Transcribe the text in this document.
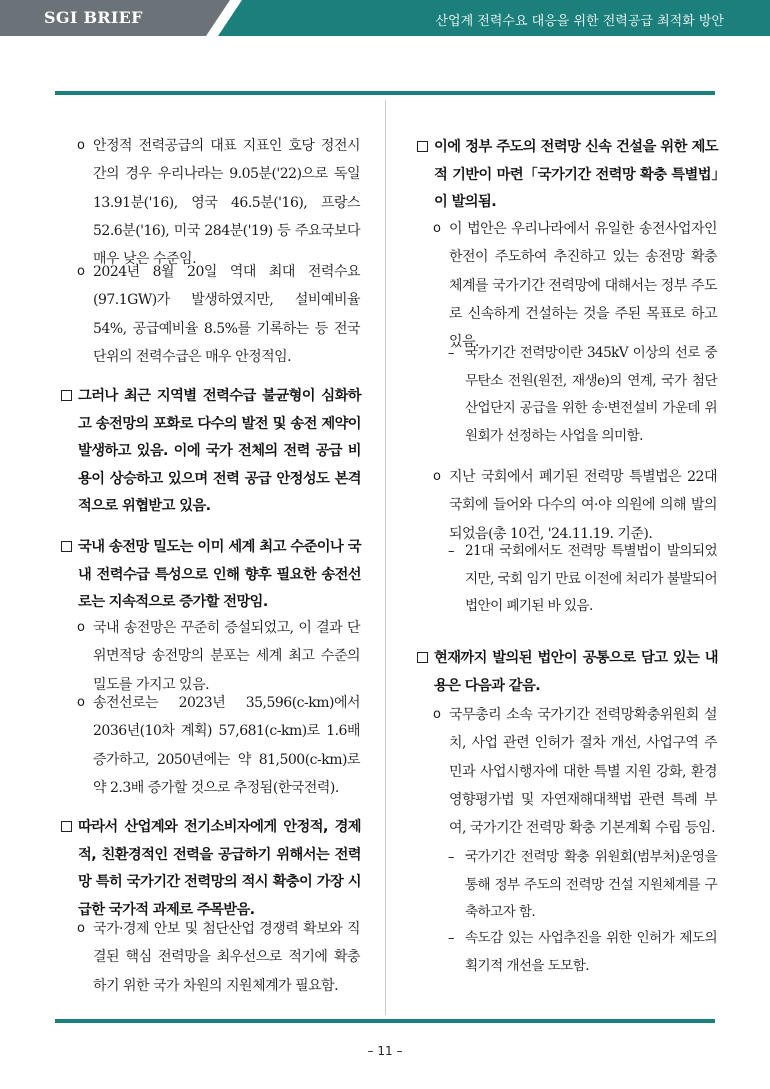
SGI BRIEF	산업계 전력수요 대응을 위한 전력공급 최적화 방안
o 안정적 전력공급의 대표 지표인 호당 정전시간의 경우 우리나라는 9.05분('22)으로 독일 13.91분('16), 영국 46.5분('16), 프랑스 52.6분('16), 미국 284분('19) 등 주요국보다 매우 낮은 수준임.
o 2024년 8월 20일 역대 최대 전력수요(97.1GW)가 발생하였지만, 설비예비율 54%, 공급예비율 8.5%를 기록하는 등 전국 단위의 전력수급은 매우 안정적임.
그러나 최근 지역별 전력수급 불균형이 심화하고 송전망의 포화로 다수의 발전 및 송전 제약이 발생하고 있음. 이에 국가 전체의 전력 공급 비용이 상승하고 있으며 전력 공급 안정성도 본격적으로 위협받고 있음.
국내 송전망 밀도는 이미 세계 최고 수준이나 국내 전력수급 특성으로 인해 향후 필요한 송전선로는 지속적으로 증가할 전망임.
o 국내 송전망은 꾸준히 증설되었고, 이 결과 단위면적당 송전망의 분포는 세계 최고 수준의 밀도를 가지고 있음.
o 송전선로는 2023년 35,596(c-km)에서 2036년(10차 계획) 57,681(c-km)로 1.6배 증가하고, 2050년에는 약 81,500(c-km)로 약 2.3배 증가할 것으로 추정됨(한국전력).
따라서 산업계와 전기소비자에게 안정적, 경제적, 친환경적인 전력을 공급하기 위해서는 전력망 특히 국가기간 전력망의 적시 확충이 가장 시급한 국가적 과제로 주목받음.
o 국가·경제 안보 및 첨단산업 경쟁력 확보와 직결된 핵심 전력망을 최우선으로 적기에 확충하기 위한 국가 차원의 지원체계가 필요함.
이에 정부 주도의 전력망 신속 건설을 위한 제도적 기반이 마련「국가기간 전력망 확충 특별법」이 발의됨.
o 이 법안은 우리나라에서 유일한 송전사업자인 한전이 주도하여 추진하고 있는 송전망 확충 체계를 국가기간 전력망에 대해서는 정부 주도로 신속하게 건설하는 것을 주된 목표로 하고 있음.
– 국가기간 전력망이란 345kV 이상의 선로 중 무탄소 전원(원전, 재생e)의 연계, 국가 첨단산업단지 공급을 위한 송·변전설비 가운데 위원회가 선정하는 사업을 의미함.
o 지난 국회에서 폐기된 전력망 특별법은 22대 국회에 들어와 다수의 여·야 의원에 의해 발의되었음(총 10건, '24.11.19. 기준).
– 21대 국회에서도 전력망 특별법이 발의되었지만, 국회 임기 만료 이전에 처리가 불발되어 법안이 폐기된 바 있음.
현재까지 발의된 법안이 공통으로 담고 있는 내용은 다음과 같음.
o 국무총리 소속 국가기간 전력망확충위원회 설치, 사업 관련 인허가 절차 개선, 사업구역 주민과 사업시행자에 대한 특별 지원 강화, 환경영향평가법 및 자연재해대책법 관련 특례 부여, 국가기간 전력망 확충 기본계획 수립 등임.
– 국가기간 전력망 확충 위원회(범부처)운영을 통해 정부 주도의 전력망 건설 지원체계를 구축하고자 함.
– 속도감 있는 사업추진을 위한 인허가 제도의 획기적 개선을 도모함.
– 11 –
